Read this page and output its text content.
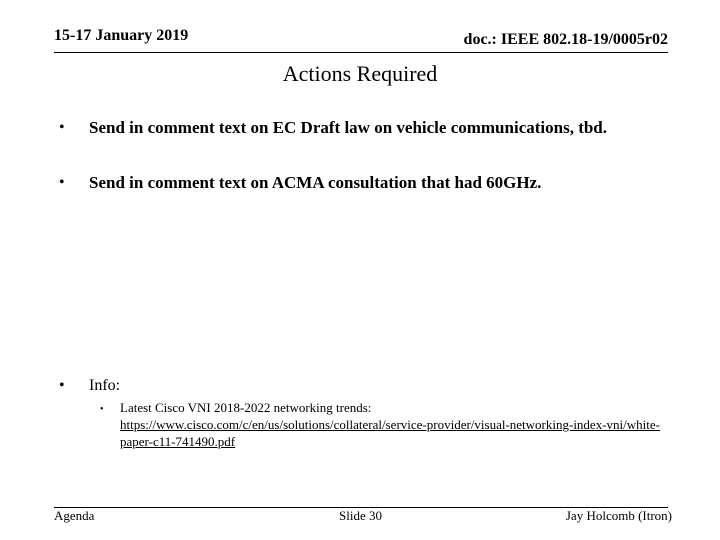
15-17 January 2019	doc.: IEEE 802.18-19/0005r02
Actions Required
•	Send in comment text on EC Draft law on vehicle communications, tbd.
•	Send in comment text on ACMA consultation that had 60GHz.
•	Info:
• Latest Cisco VNI 2018-2022 networking trends:
https://www.cisco.com/c/en/us/solutions/collateral/service-provider/visual-networking-index-vni/white-paper-c11-741490.pdf
Agenda	Slide 30	Jay Holcomb (Itron)
